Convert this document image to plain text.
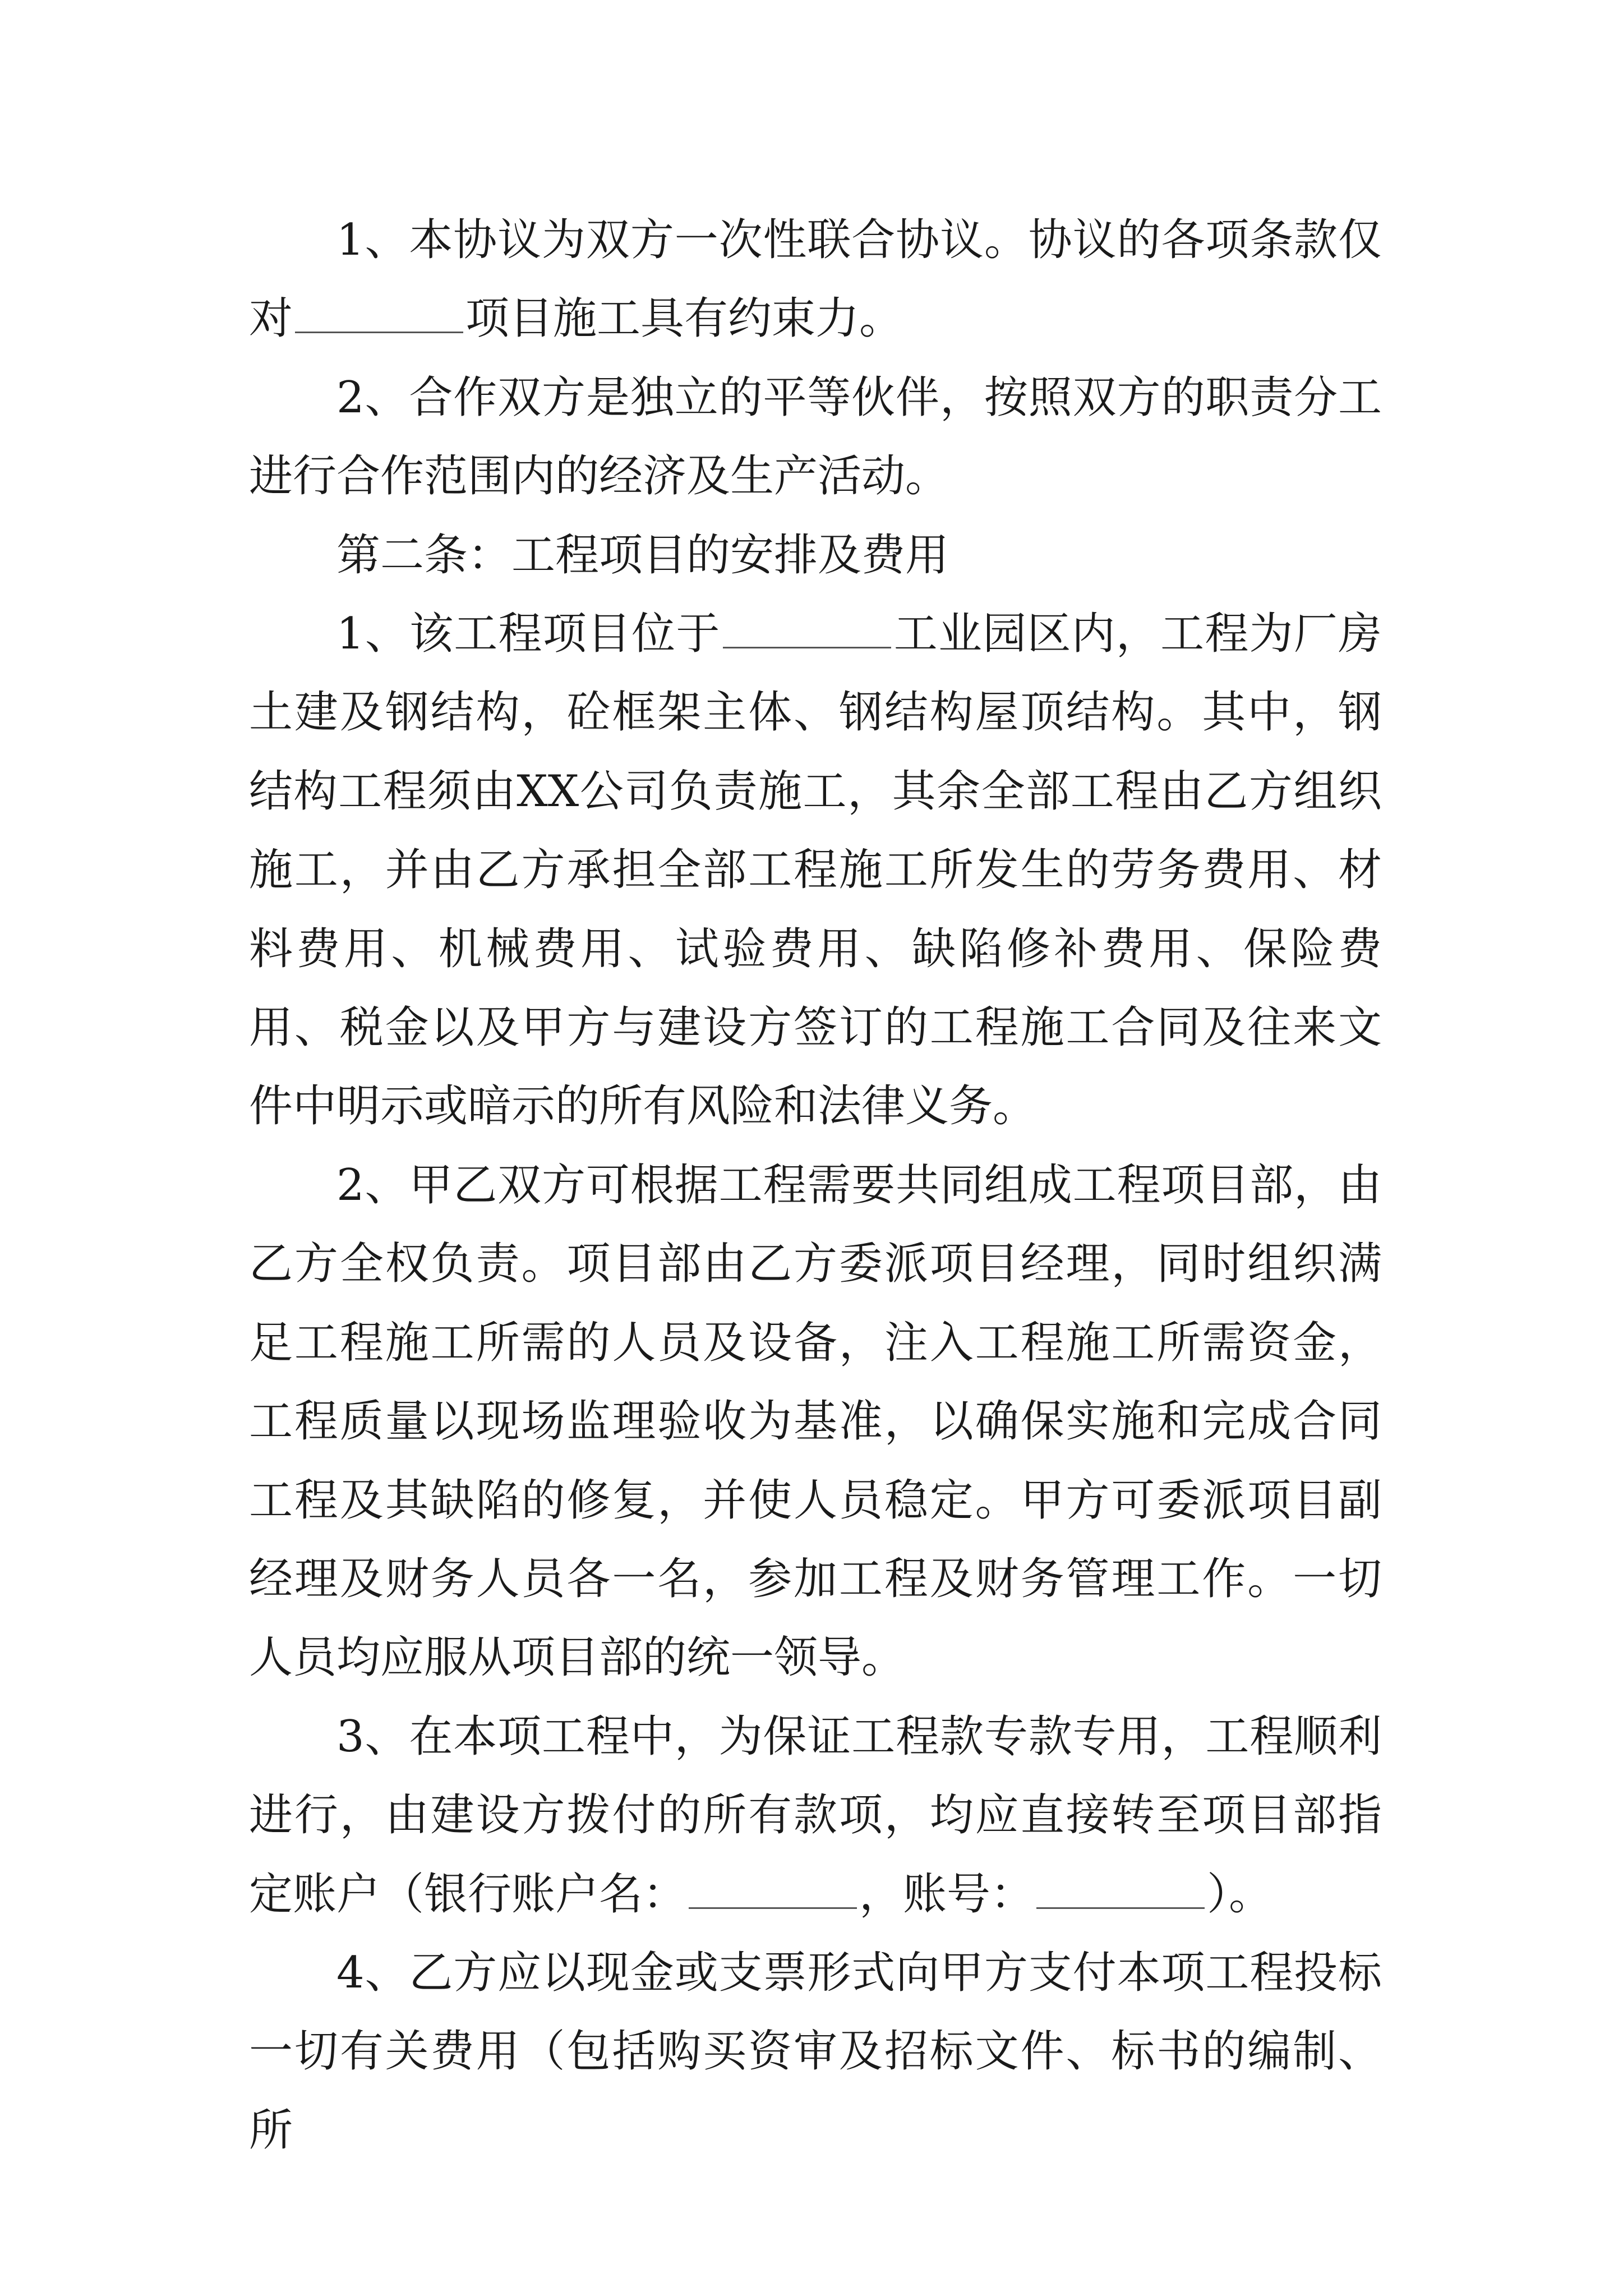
1、本协议为双方一次性联合协议。协议的各项条款仅对	项目施工具有约束力。

2、合作双方是独立的平等伙伴，按照双方的职责分工进行合作范围内的经济及生产活动。

第二条：工程项目的安排及费用

1、该工程项目位于	工业园区内，工程为厂房土建及钢结构，砼框架主体、钢结构屋顶结构。其中，钢结构工程须由XX公司负责施工，其余全部工程由乙方组织施工，并由乙方承担全部工程施工所发生的劳务费用、材料费用、机械费用、试验费用、缺陷修补费用、保险费用、税金以及甲方与建设方签订的工程施工合同及往来文件中明示或暗示的所有风险和法律义务。

2、甲乙双方可根据工程需要共同组成工程项目部，由乙方全权负责。项目部由乙方委派项目经理，同时组织满足工程施工所需的人员及设备，注入工程施工所需资金，工程质量以现场监理验收为基准，以确保实施和完成合同工程及其缺陷的修复，并使人员稳定。甲方可委派项目副经理及财务人员各一名，参加工程及财务管理工作。一切人员均应服从项目部的统一领导。

3、在本项工程中，为保证工程款专款专用，工程顺利进行，由建设方拨付的所有款项，均应直接转至项目部指定账户（银行账户名：	，账号：	）。

4、乙方应以现金或支票形式向甲方支付本项工程投标一切有关费用（包括购买资审及招标文件、标书的编制、所
